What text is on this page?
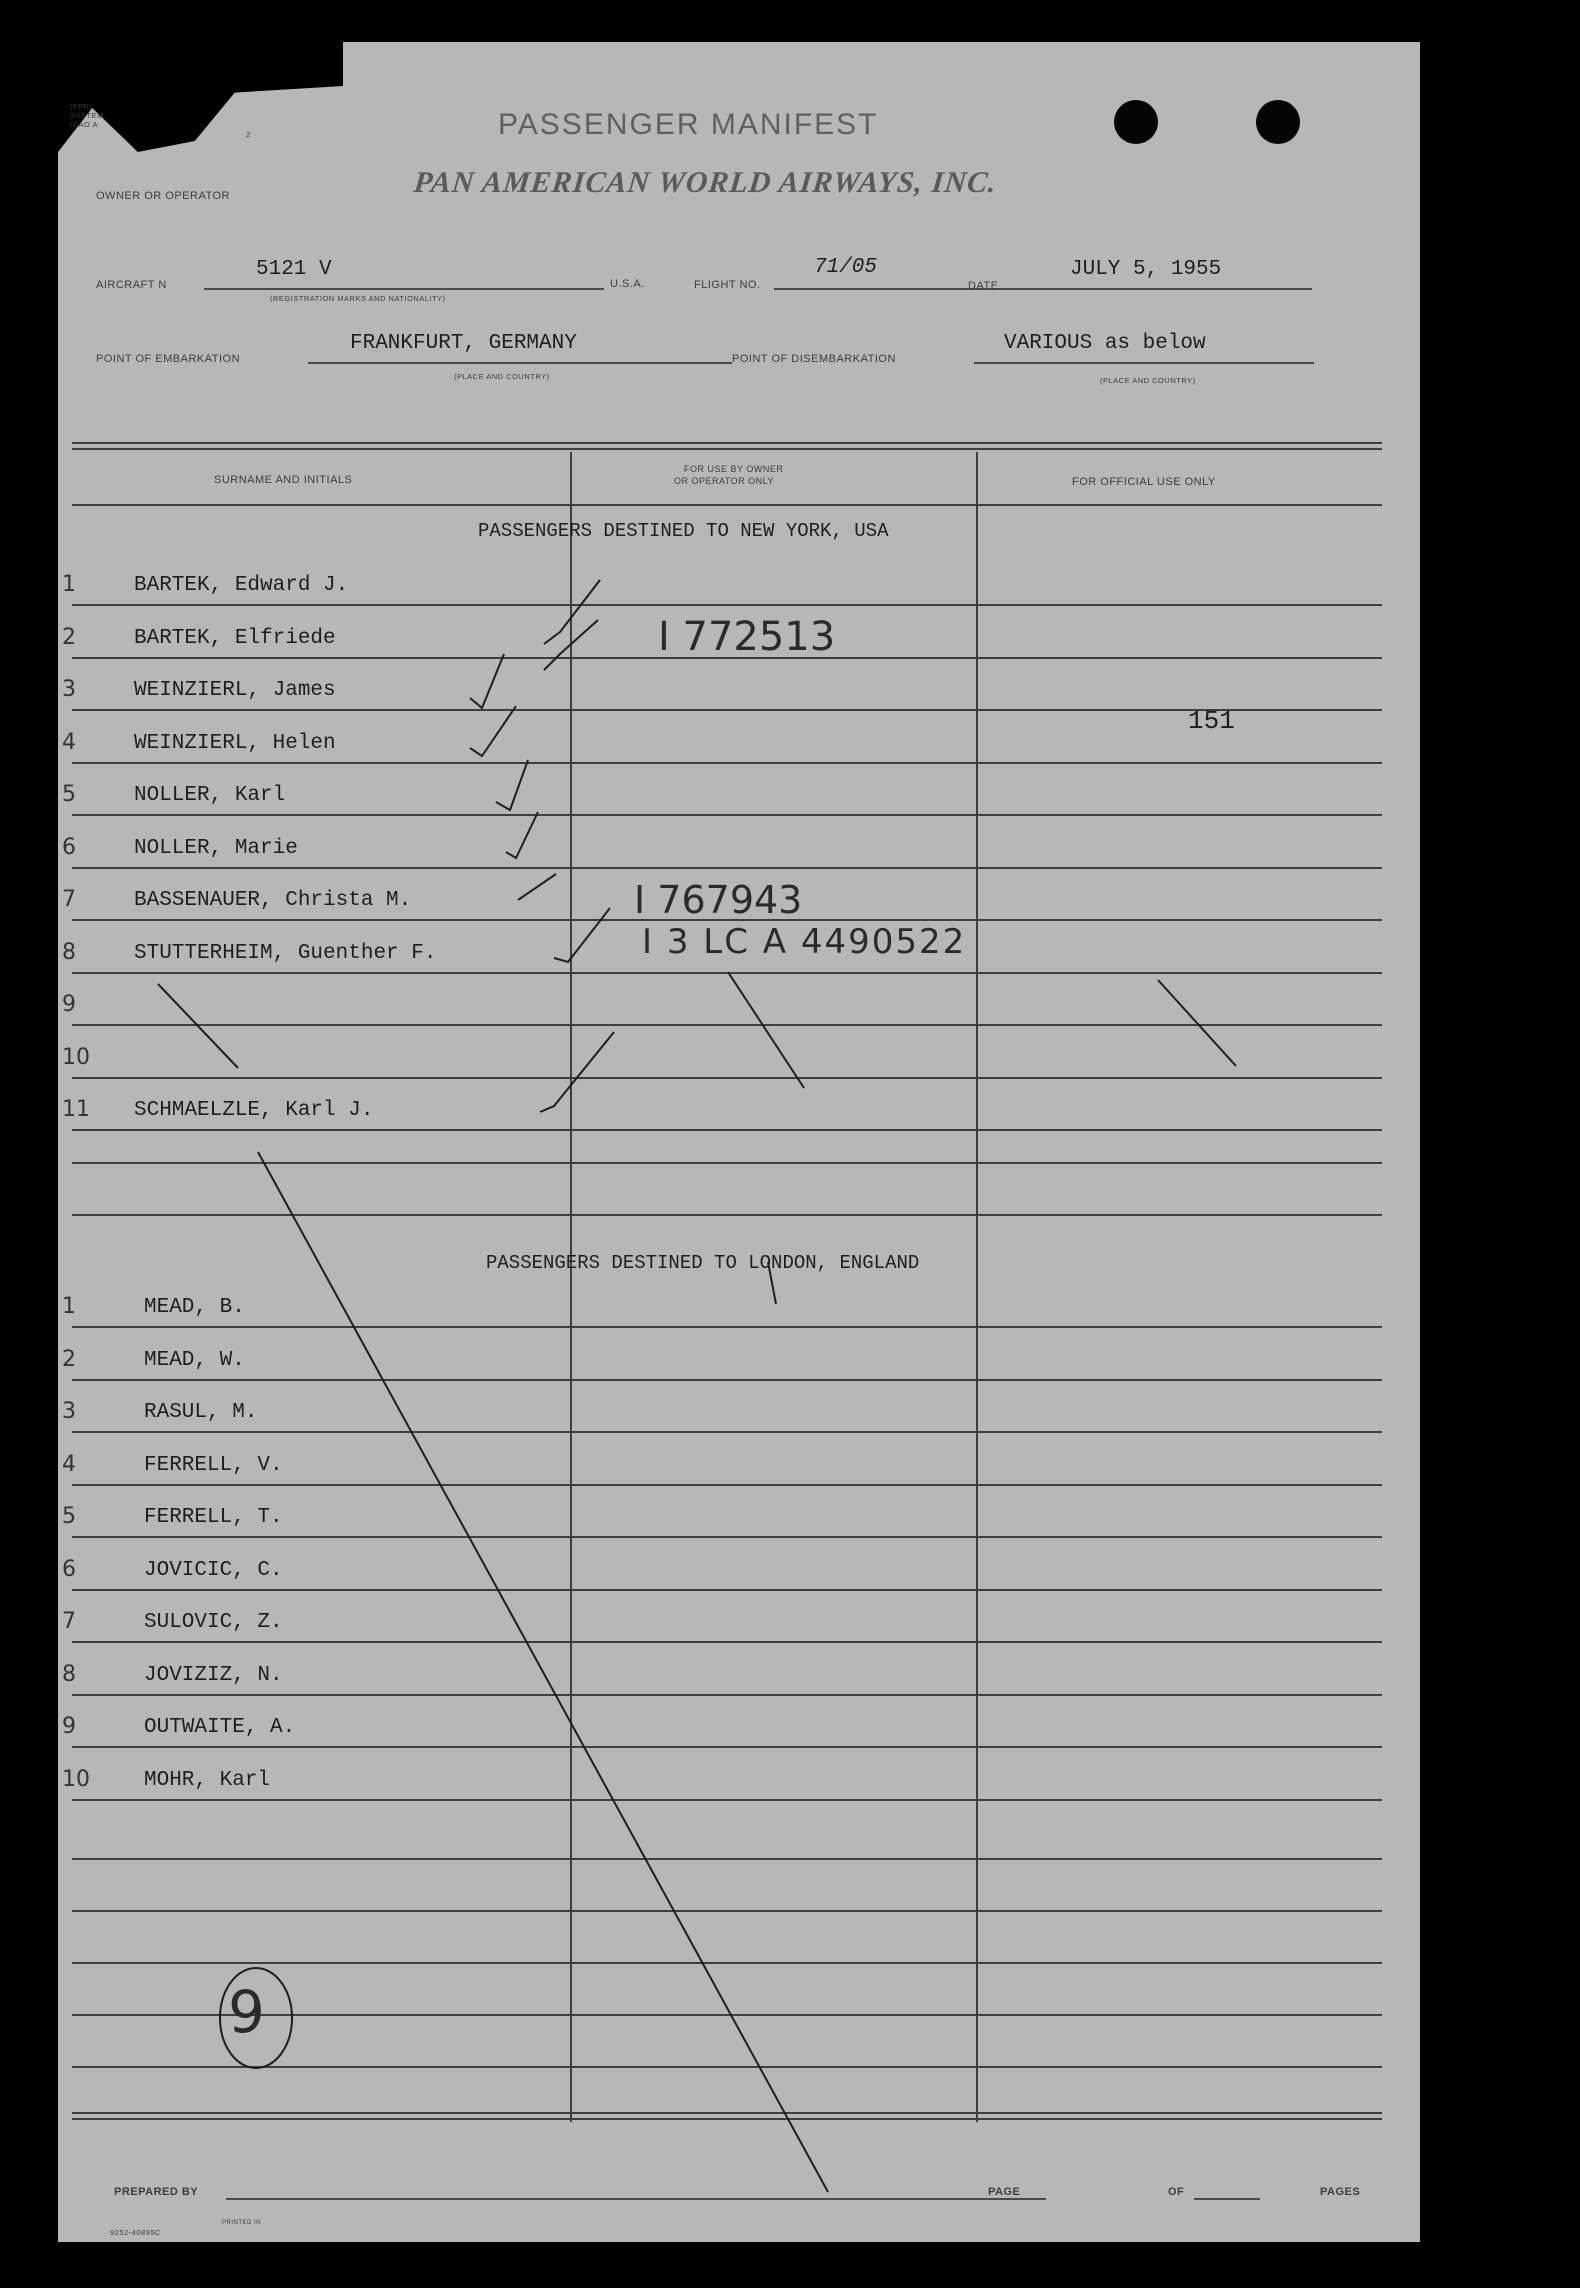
(FPR)
SYSTEM
ICAO A
2	PASSENGER MANIFEST
OWNER OR OPERATOR	PAN AMERICAN WORLD AIRWAYS, INC.
AIRCRAFT N
5121 V
(REGISTRATION MARKS AND NATIONALITY)
U.S.A.	FLIGHT NO.
71/05
DATE
JULY 5, 1955
POINT OF EMBARKATION
FRANKFURT, GERMANY
(PLACE AND COUNTRY)
POINT OF DISEMBARKATION
VARIOUS as below
(PLACE AND COUNTRY)
SURNAME AND INITIALS
FOR USE BY OWNER
OR OPERATOR ONLY	FOR OFFICIAL USE ONLY
PASSENGERS DESTINED TO NEW YORK, USA
1	BARTEK, Edward J.
2	BARTEK, Elfriede
3	WEINZIERL, James
4	WEINZIERL, Helen
5	NOLLER, Karl
6	NOLLER, Marie
7	BASSENAUER, Christa M.
8	STUTTERHEIM, Guenther F.
9
10
11 SCHMAELZLE, Karl J.
PASSENGERS DESTINED TO LONDON, ENGLAND
1	MEAD, B.
2	MEAD, W.
3	RASUL, M.
4	FERRELL, V.
5	FERRELL, T.
6	JOVICIC, C.
7	SULOVIC, Z.
8	JOVIZIZ, N.
9	OUTWAITE, A.
10	MOHR, Karl
I 772513
I 767943
I 3 LC A 4490522
151
9
PREPARED BY	PAGE	OF	PAGES
9252-40895C
PRINTED IN
